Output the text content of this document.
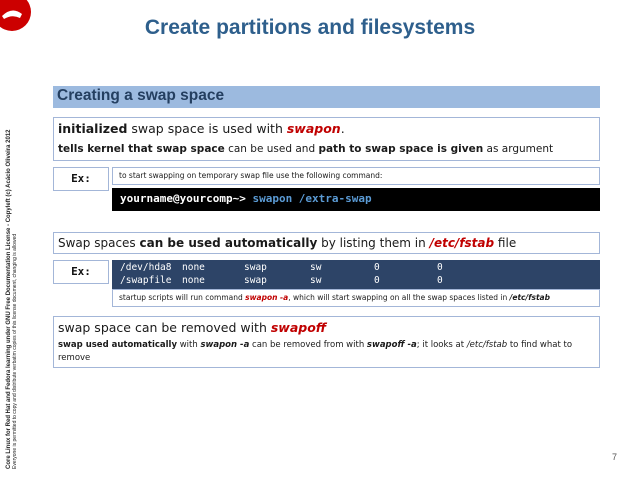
Create partitions and filesystems
Core Linux for Red Hat and Fedora learning under GNU Free Documentation License - Copyleft (c) Acácio Oliveira 2012 Everyone is permitted to copy and distribute verbatim copies of this license document, changing is allowed
Creating a swap space
initialized swap space is used with swapon.
tells kernel that swap space can be used and path to swap space is given as argument
Ex:	to start swapping on temporary swap file use the following command:
yourname@yourcomp~> swapon /extra-swap
Swap spaces can be used automatically by listing them in /etc/fstab file
Ex:	/dev/hda8 none	swap	sw	0	0
/swapfile none	swap	sw	0	0
startup scripts will run command swapon -a, which will start swapping on all the swap spaces listed in /etc/fstab
swap space can be removed with swapoff
swap used automatically with swapon -a can be removed from with swapoff -a; it looks at /etc/fstab to find what to
remove
7
